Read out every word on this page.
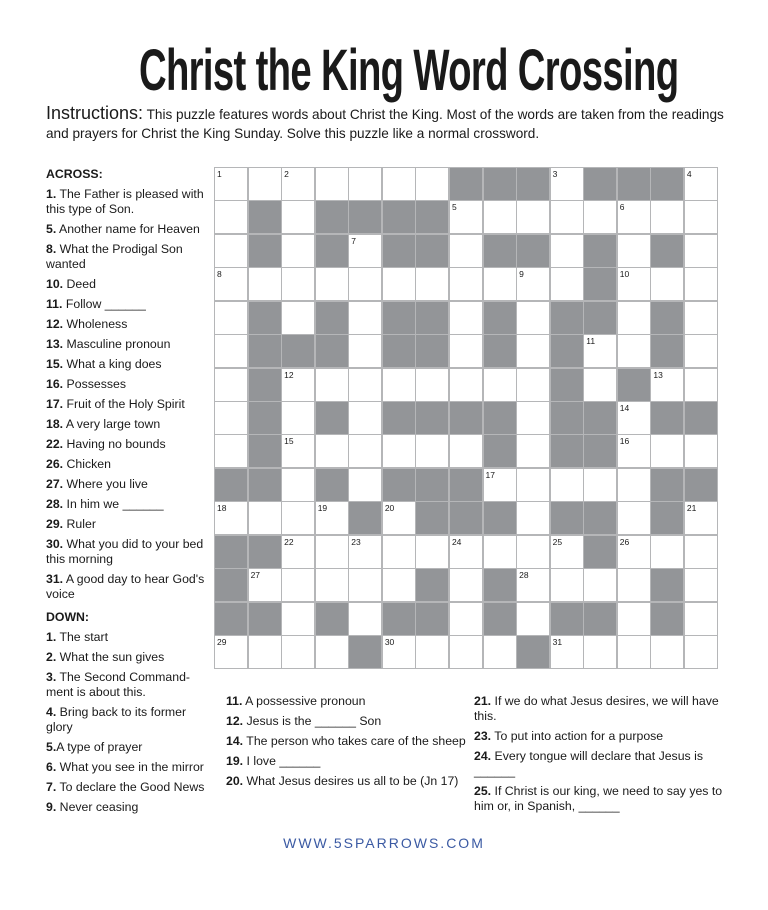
Christ the King Word Crossing
Instructions: This puzzle features words about Christ the King. Most of the words are taken from the readings and prayers for Christ the King Sunday. Solve this puzzle like a normal crossword.
ACROSS:
1. The Father is pleased with this type of Son.
5. Another name for Heaven
8. What the Prodigal Son wanted
10. Deed
11. Follow ______
12. Wholeness
13. Masculine pronoun
15. What a king does
16. Possesses
17. Fruit of the Holy Spirit
18. A very large town
22. Having no bounds
26. Chicken
27. Where you live
28. In him we ______
29. Ruler
30. What you did to your bed this morning
31. A good day to hear God's voice
DOWN:
1. The start
2. What the sun gives
3. The Second Command-ment is about this.
4. Bring back to its former glory
5.A type of prayer
6. What you see in the mirror
7. To declare the Good News
9. Never ceasing
11. A possessive pronoun
12. Jesus is the ______ Son
14. The person who takes care of the sheep
19. I love ______
20. What Jesus desires us all to be (Jn 17)
21. If we do what Jesus desires, we will have this.
23. To put into action for a purpose
24. Every tongue will declare that Jesus is ______
25. If Christ is our king, we need to say yes to him or, in Spanish, ______
1	2	3	4
5	6
7
8	9	10
11
12	13
14
15	16
17
18	19	20	21
22	23	24	25	26
27	28
29	30	31
WWW.5SPARROWS.COM
